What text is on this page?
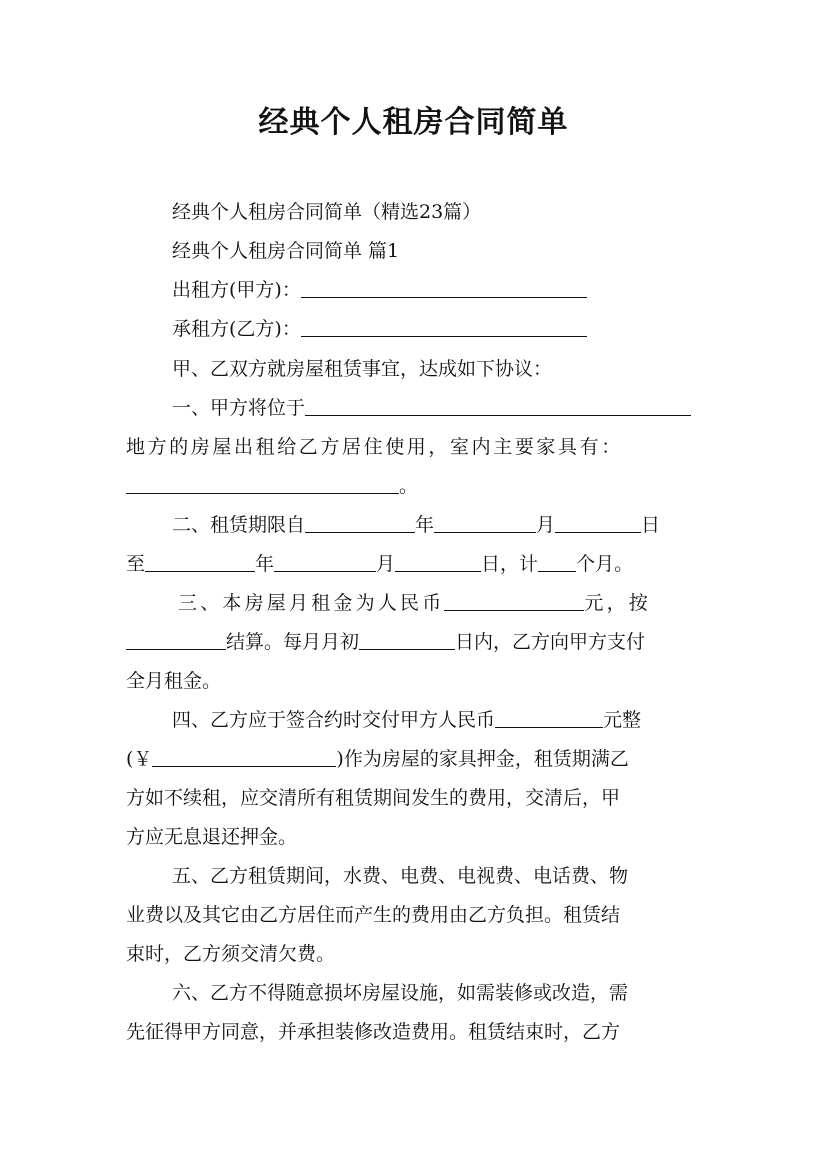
经典个人租房合同简单
经典个人租房合同简单（精选23篇）
经典个人租房合同简单 篇1
出租方(甲方)：
承租方(乙方)：
甲、乙双方就房屋租赁事宜，达成如下协议：
一、甲方将位于
地方的房屋出租给乙方居住使用，室内主要家具有：
。
二、租赁期限自	年	月	日
至	年	月	日，计 个月。
三、本房屋月租金为人民币	元，按
结算。每月月初	日内，乙方向甲方支付
全月租金。
四、乙方应于签合约时交付甲方人民币	元整
(￥	)作为房屋的家具押金，租赁期满乙
方如不续租，应交清所有租赁期间发生的费用，交清后，甲
方应无息退还押金。
五、乙方租赁期间，水费、电费、电视费、电话费、物
业费以及其它由乙方居住而产生的费用由乙方负担。租赁结
束时，乙方须交清欠费。
六、乙方不得随意损坏房屋设施，如需装修或改造，需
先征得甲方同意，并承担装修改造费用。租赁结束时，乙方
